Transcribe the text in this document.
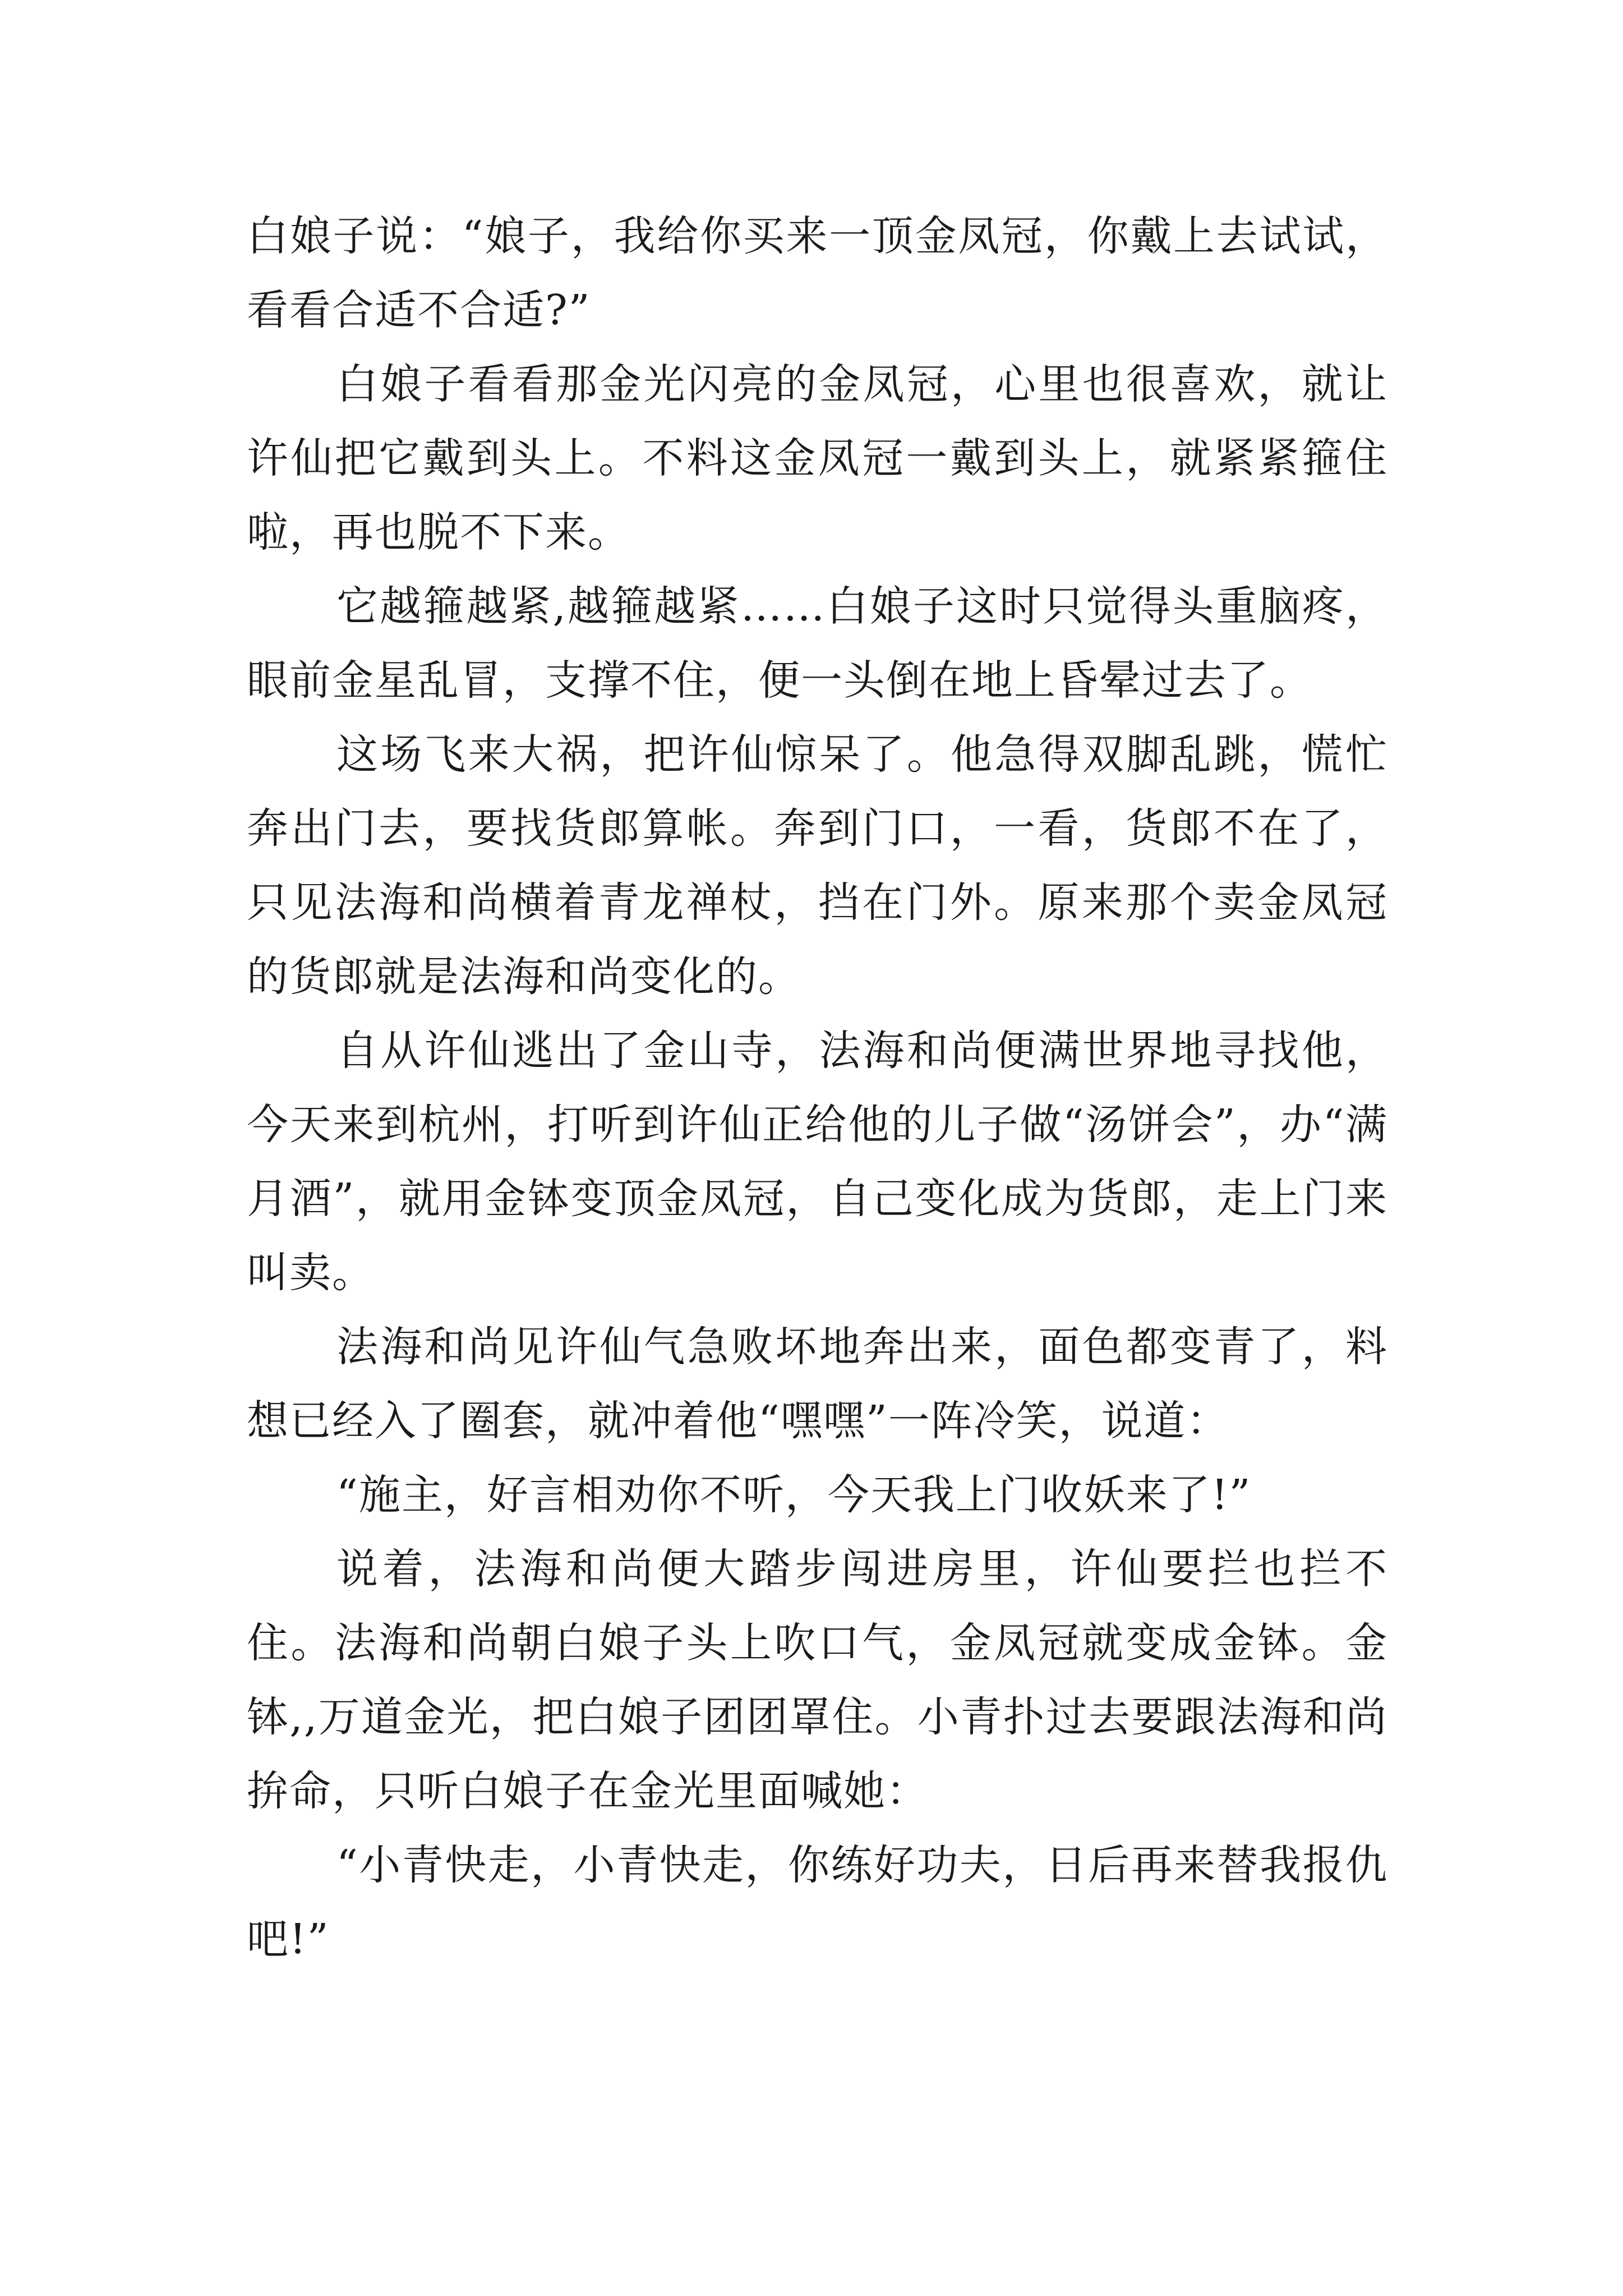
白娘子说：“娘子，我给你买来一顶金凤冠，你戴上去试试，看看合适不合适?”

白娘子看看那金光闪亮的金凤冠，心里也很喜欢，就让许仙把它戴到头上。不料这金凤冠一戴到头上，就紧紧箍住啦，再也脱不下来。

它越箍越紧,越箍越紧……白娘子这时只觉得头重脑疼，眼前金星乱冒，支撑不住，便一头倒在地上昏晕过去了。

这场飞来大祸，把许仙惊呆了。他急得双脚乱跳，慌忙奔出门去，要找货郎算帐。奔到门口，一看，货郎不在了，只见法海和尚横着青龙禅杖，挡在门外。原来那个卖金凤冠的货郎就是法海和尚变化的。

自从许仙逃出了金山寺，法海和尚便满世界地寻找他，今天来到杭州，打听到许仙正给他的儿子做“汤饼会”，办“满月酒”，就用金钵变顶金凤冠，自己变化成为货郎，走上门来叫卖。

法海和尚见许仙气急败坏地奔出来，面色都变青了，料想已经入了圈套，就冲着他“嘿嘿”一阵冷笑，说道：

“施主，好言相劝你不听，今天我上门收妖来了!”

说着，法海和尚便大踏步闯进房里，许仙要拦也拦不住。法海和尚朝白娘子头上吹口气，金凤冠就变成金钵。金钵,,万道金光，把白娘子团团罩住。小青扑过去要跟法海和尚拚命，只听白娘子在金光里面喊她：

“小青快走，小青快走，你练好功夫，日后再来替我报仇吧!”
